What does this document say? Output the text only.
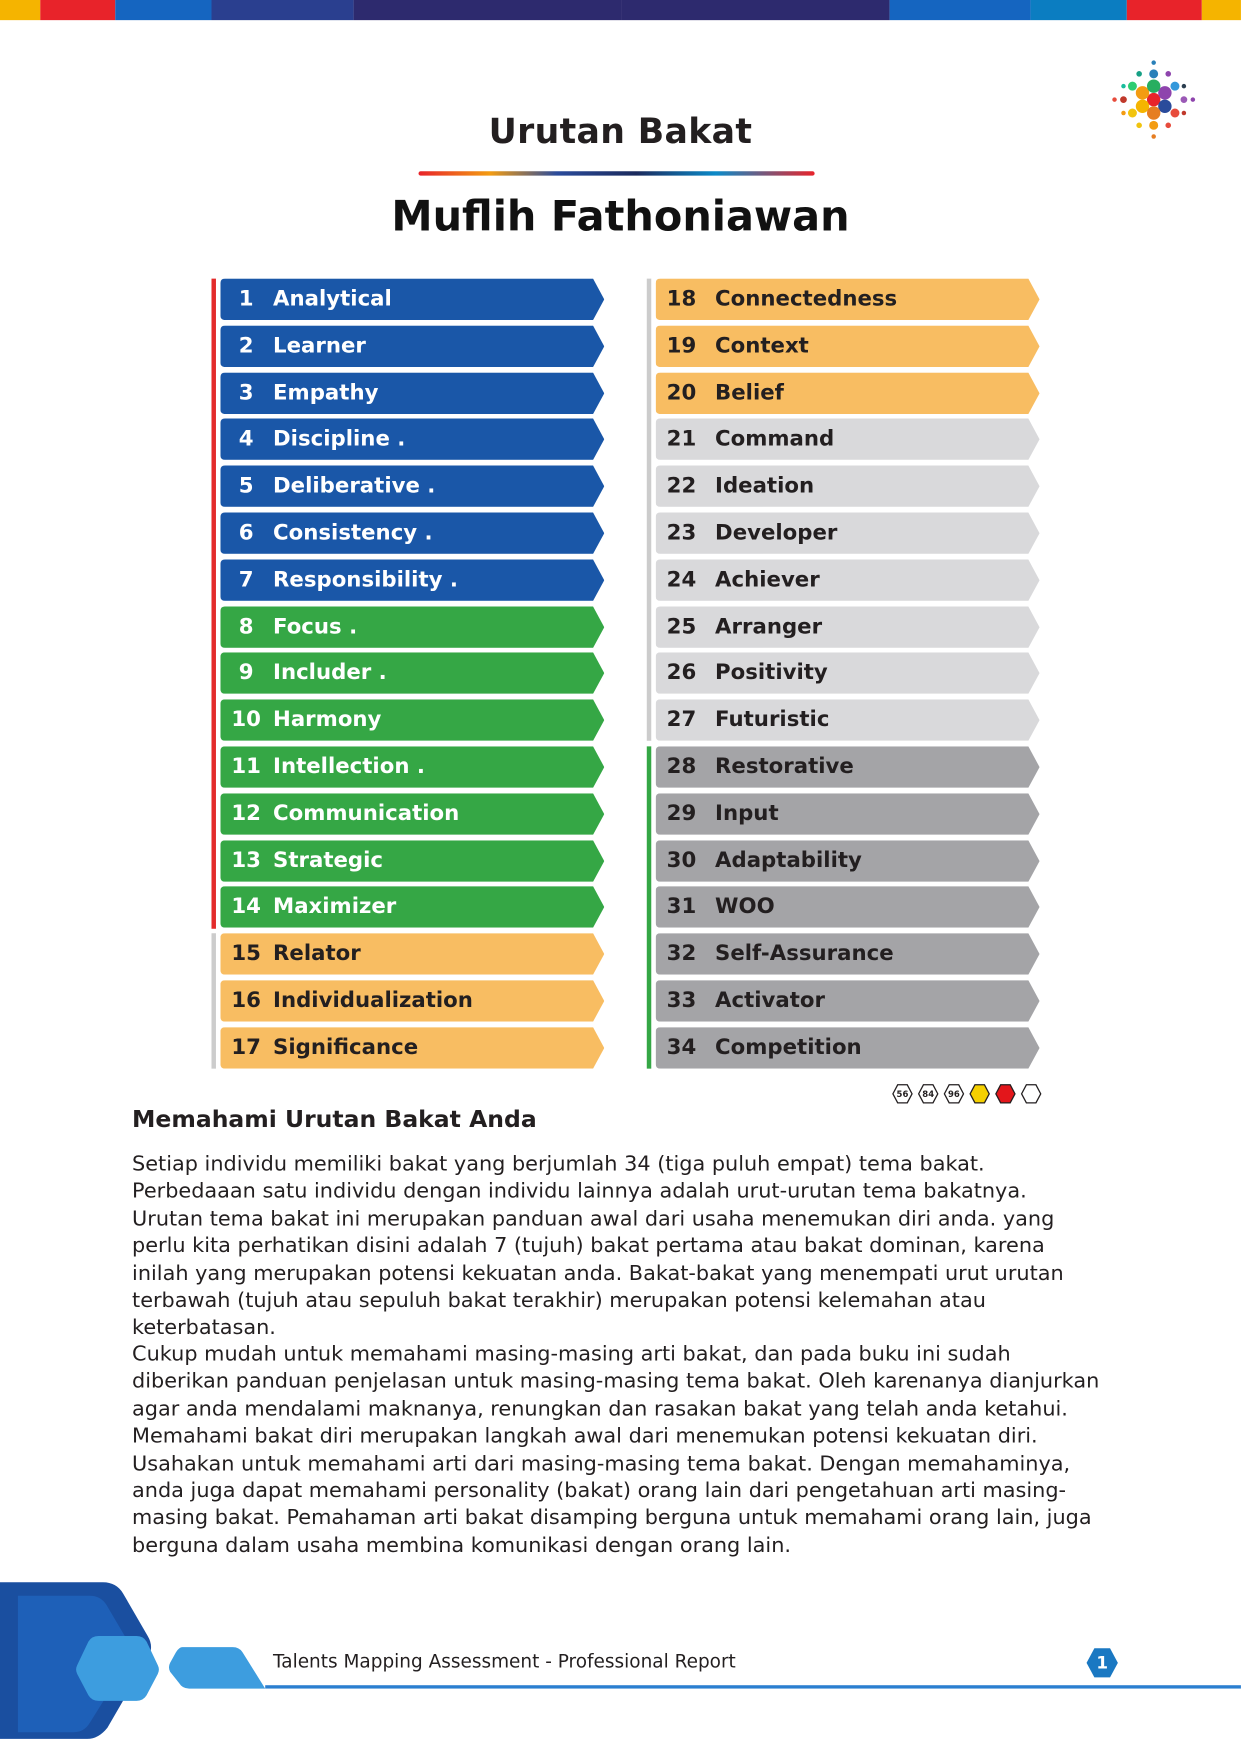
Urutan Bakat
Muflih Fathoniawan
1	Analytical
2	Learner
3	Empathy
4	Discipline .
5	Deliberative .
6	Consistency .
7	Responsibility .
8	Focus .
9	Includer .
10 Harmony
11 Intellection .
12 Communication
13 Strategic
14 Maximizer
15 Relator
16 Individualization
17 Significance
18 Connectedness
19 Context
20 Belief
21 Command
22 Ideation
23 Developer
24 Achiever
25 Arranger
26 Positivity
27 Futuristic
28 Restorative
29 Input
30 Adaptability
31 WOO
32 Self-Assurance
33 Activator
34 Competition
56 84 96
Memahami Urutan Bakat Anda

Setiap individu memiliki bakat yang berjumlah 34 (tiga puluh empat) tema bakat. Perbedaaan satu individu dengan individu lainnya adalah urut-urutan tema bakatnya. Urutan tema bakat ini merupakan panduan awal dari usaha menemukan diri anda. yang perlu kita perhatikan disini adalah 7 (tujuh) bakat pertama atau bakat dominan, karena inilah yang merupakan potensi kekuatan anda. Bakat-bakat yang menempati urut urutan terbawah (tujuh atau sepuluh bakat terakhir) merupakan potensi kelemahan atau keterbatasan.

Cukup mudah untuk memahami masing-masing arti bakat, dan pada buku ini sudah diberikan panduan penjelasan untuk masing-masing tema bakat. Oleh karenanya dianjurkan agar anda mendalami maknanya, renungkan dan rasakan bakat yang telah anda ketahui. Memahami bakat diri merupakan langkah awal dari menemukan potensi kekuatan diri. Usahakan untuk memahami arti dari masing-masing tema bakat. Dengan memahaminya, anda juga dapat memahami personality (bakat) orang lain dari pengetahuan arti masing-masing bakat. Pemahaman arti bakat disamping berguna untuk memahami orang lain, juga berguna dalam usaha membina komunikasi dengan orang lain.

Talents Mapping Assessment - Professional Report	1
